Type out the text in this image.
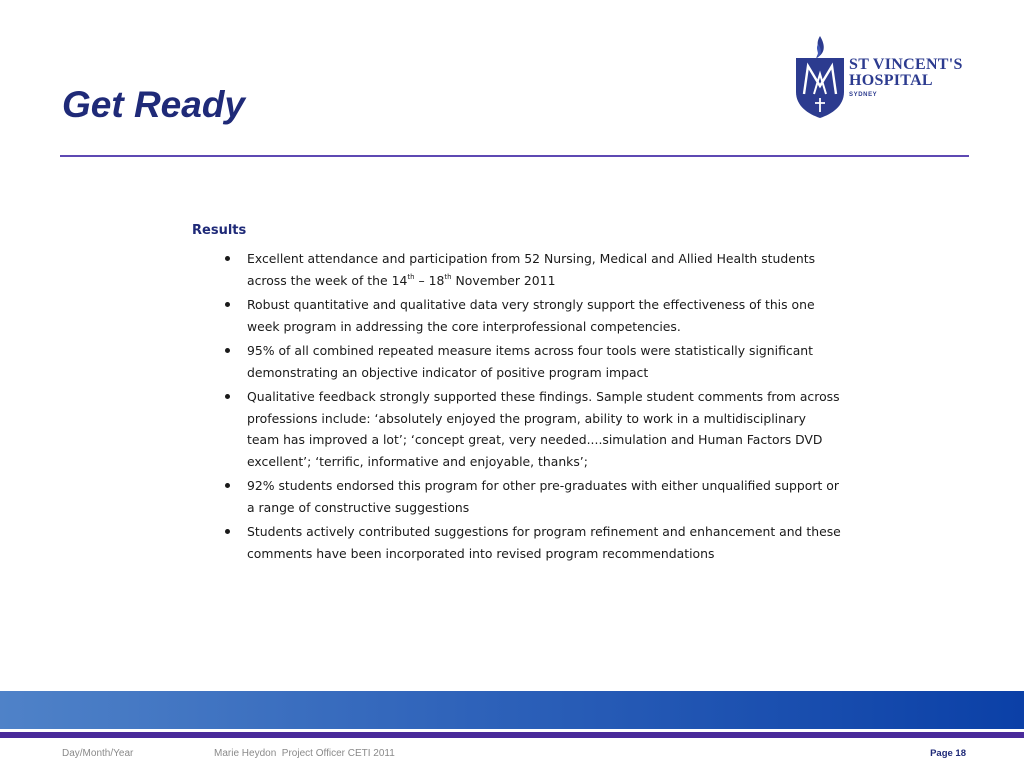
Get Ready
ST VINCENT'S
HOSPITAL
SYDNEY
Results
Excellent attendance and participation from 52 Nursing, Medical and Allied Health students across the week of the 14th – 18th November 2011
Robust quantitative and qualitative data very strongly support the effectiveness of this one week program in addressing the core interprofessional competencies.
95% of all combined repeated measure items across four tools were statistically significant demonstrating an objective indicator of positive program impact
Qualitative feedback strongly supported these findings. Sample student comments from across professions include: ‘absolutely enjoyed the program, ability to work in a multidisciplinary team has improved a lot’; ‘concept great, very needed....simulation and Human Factors DVD excellent’; ‘terrific, informative and enjoyable, thanks’;
92% students endorsed this program for other pre-graduates with either unqualified support or a range of constructive suggestions
Students actively contributed suggestions for program refinement and enhancement and these comments have been incorporated into revised program recommendations
Day/Month/Year	Marie Heydon  Project Officer CETI 2011	Page 18
